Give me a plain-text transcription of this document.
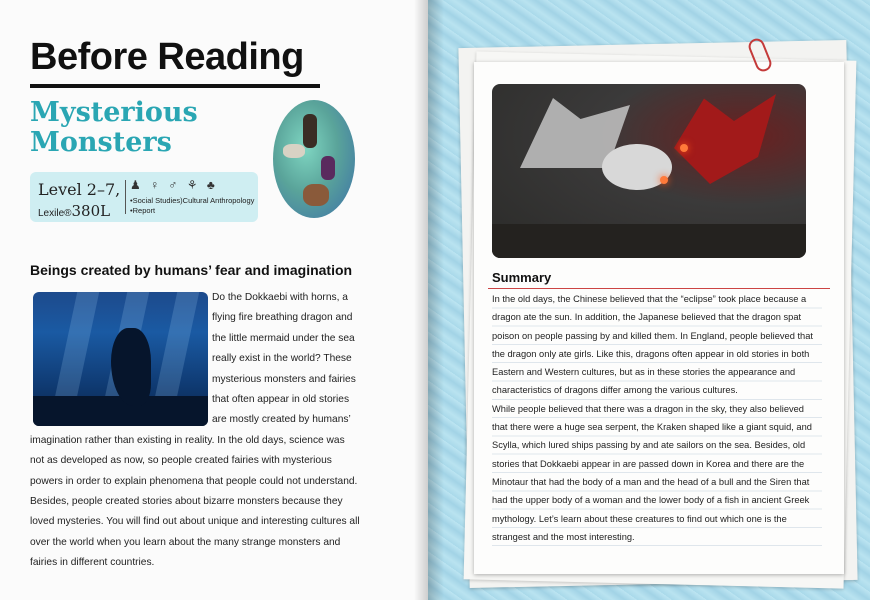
Before Reading
Mysterious Monsters
Level 2–7,
Lexile®380L
♟ ♀ ♂ ⚘ ♣
•Social Studies)Cultural Anthropology
•Report
Beings created by humans’ fear and imagination
Do the Dokkaebi with horns, a flying fire breathing dragon and the little mermaid under the sea really exist in the world? These mysterious monsters and fairies that often appear in old stories are mostly created by humans’ imagination rather than existing in reality. In the old days, science was not as developed as now, so people created fairies with mysterious powers in order to explain phenomena that people could not understand. Besides, people created stories about bizarre monsters because they loved mysteries. You will find out about unique and interesting cultures all over the world when you learn about the many strange monsters and fairies in different countries.
Summary

In the old days, the Chinese believed that the “eclipse” took place because a dragon ate the sun. In addition, the Japanese believed that the dragon spat poison on people passing by and killed them. In England, people believed that the dragon only ate girls. Like this, dragons often appear in old stories in both Eastern and Western cultures, but as in these stories the appearance and characteristics of dragons differ among the various cultures.

While people believed that there was a dragon in the sky, they also believed that there were a huge sea serpent, the Kraken shaped like a giant squid, and Scylla, which lured ships passing by and ate sailors on the sea. Besides, old stories that Dokkaebi appear in are passed down in Korea and there are the Minotaur that had the body of a man and the head of a bull and the Siren that had the upper body of a woman and the lower body of a fish in ancient Greek mythology. Let’s learn about these creatures to find out which one is the strangest and the most interesting.
